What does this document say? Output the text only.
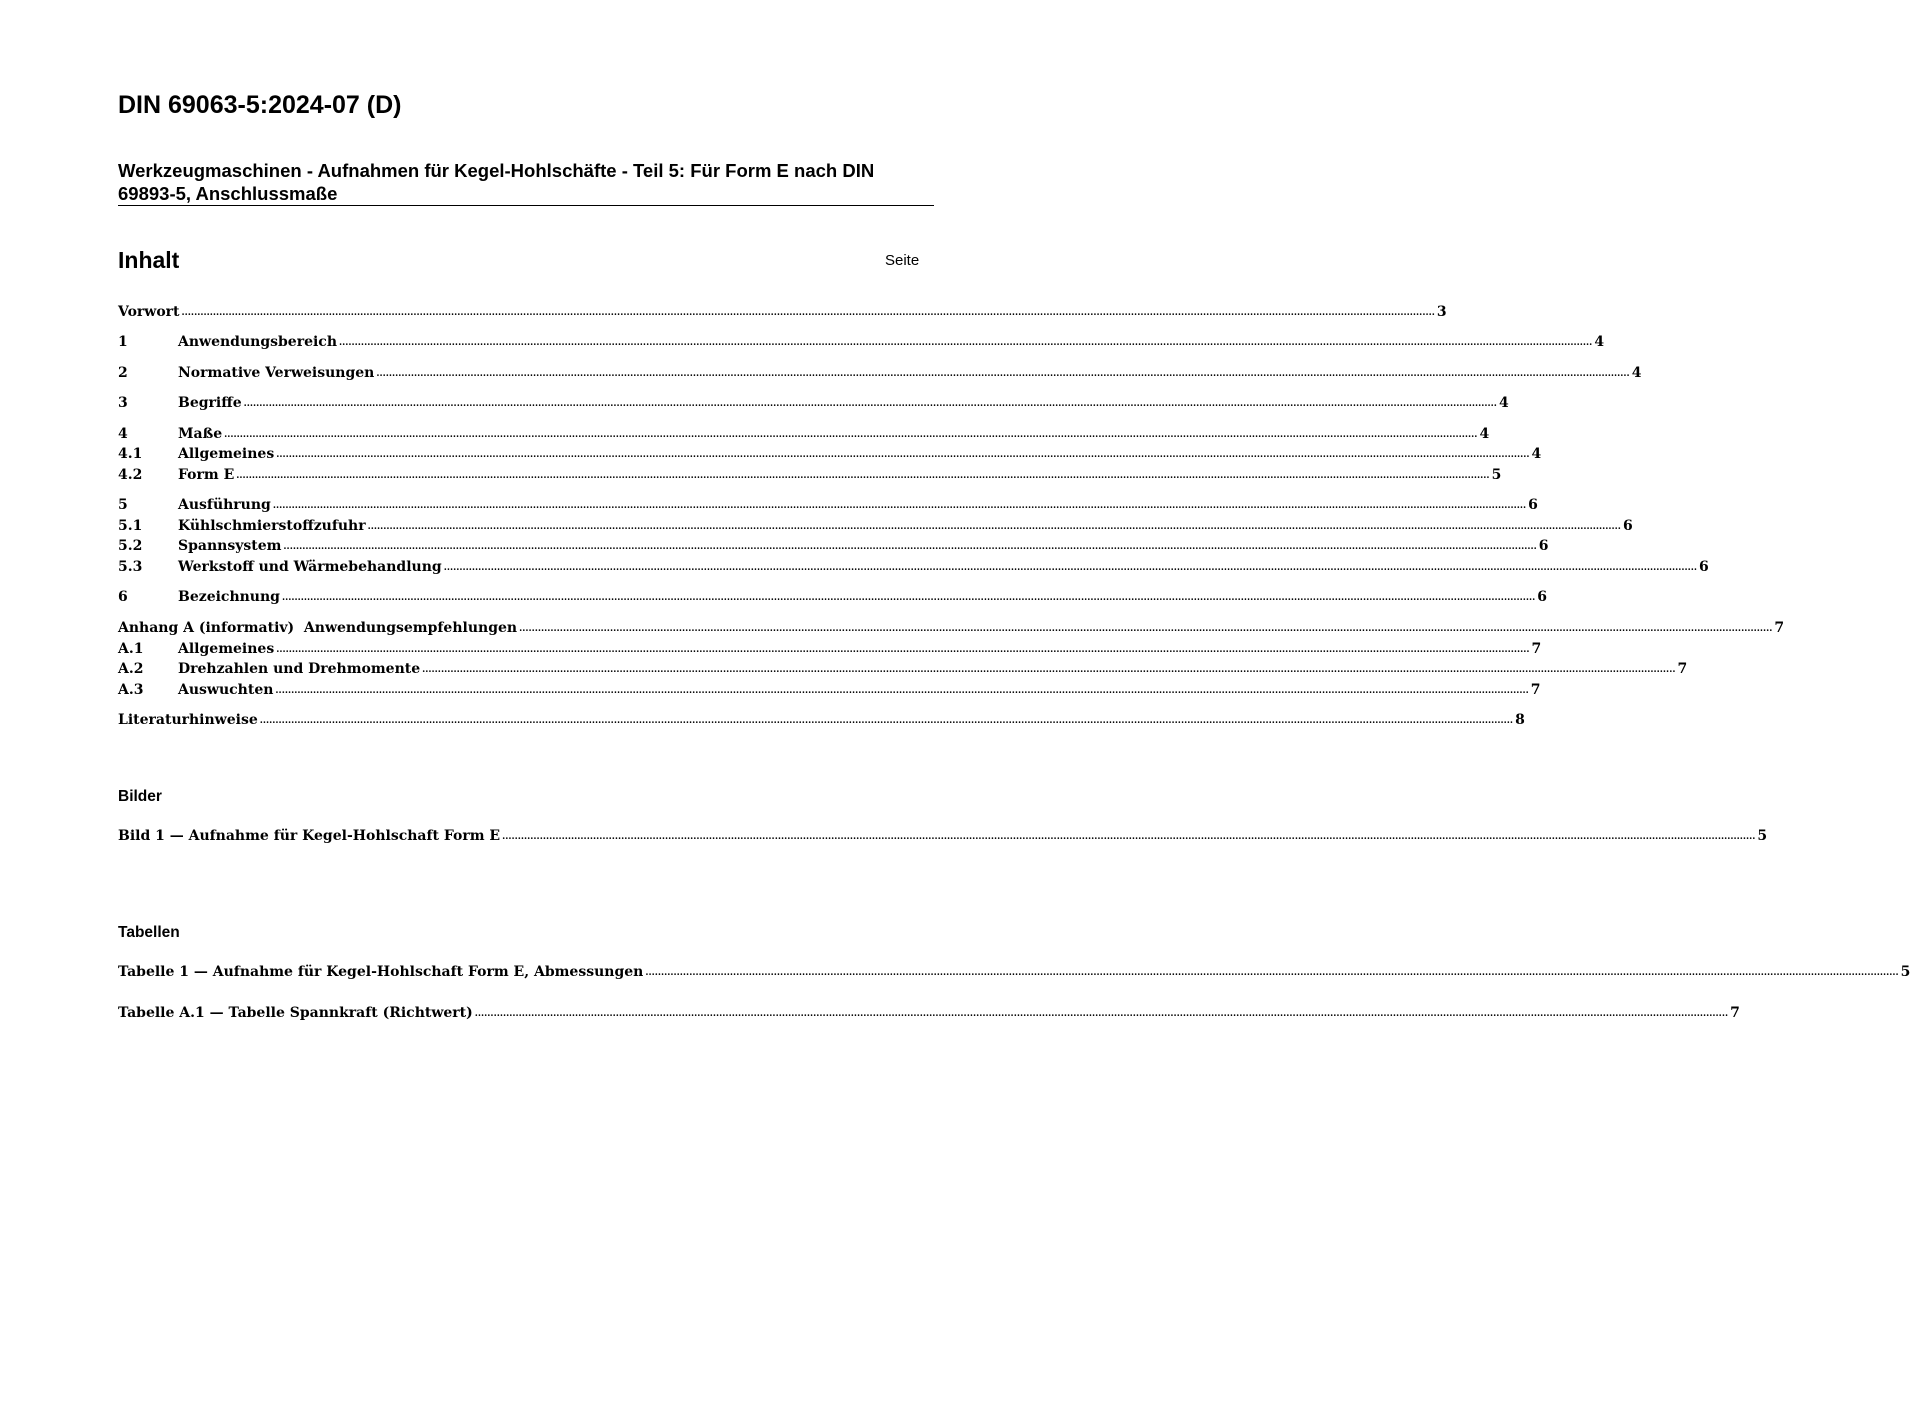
DIN 69063-5:2024-07 (D)
Werkzeugmaschinen - Aufnahmen für Kegel-Hohlschäfte - Teil 5: Für Form E nach DIN 69893-5, Anschlussmaße
Inhalt	Seite
Vorwort ................................................................................................................................................................................................................................................................................................................................................................................................................ 3
1	Anwendungsbereich ................................................................................................................................................................................................................................................................................................................................................................................................................ 4
2	Normative Verweisungen ................................................................................................................................................................................................................................................................................................................................................................................................................ 4
3	Begriffe ................................................................................................................................................................................................................................................................................................................................................................................................................ 4
4	Maße ................................................................................................................................................................................................................................................................................................................................................................................................................ 4
4.1	Allgemeines ................................................................................................................................................................................................................................................................................................................................................................................................................ 4
4.2	Form E ................................................................................................................................................................................................................................................................................................................................................................................................................ 5
5	Ausführung ................................................................................................................................................................................................................................................................................................................................................................................................................ 6
5.1	Kühlschmierstoffzufuhr ................................................................................................................................................................................................................................................................................................................................................................................................................ 6
5.2	Spannsystem ................................................................................................................................................................................................................................................................................................................................................................................................................ 6
5.3	Werkstoff und Wärmebehandlung ................................................................................................................................................................................................................................................................................................................................................................................................................ 6
6	Bezeichnung ................................................................................................................................................................................................................................................................................................................................................................................................................ 6
Anhang A (informativ)  Anwendungsempfehlungen ................................................................................................................................................................................................................................................................................................................................................................................................................ 7
A.1	Allgemeines ................................................................................................................................................................................................................................................................................................................................................................................................................ 7
A.2	Drehzahlen und Drehmomente ................................................................................................................................................................................................................................................................................................................................................................................................................ 7
A.3	Auswuchten ................................................................................................................................................................................................................................................................................................................................................................................................................ 7
Literaturhinweise ................................................................................................................................................................................................................................................................................................................................................................................................................ 8
Bilder
Bild 1 — Aufnahme für Kegel-Hohlschaft Form E ................................................................................................................................................................................................................................................................................................................................................................................................................ 5
Tabellen
Tabelle 1 — Aufnahme für Kegel-Hohlschaft Form E, Abmessungen ................................................................................................................................................................................................................................................................................................................................................................................................................ 5
Tabelle A.1 — Tabelle Spannkraft (Richtwert) ................................................................................................................................................................................................................................................................................................................................................................................................................ 7
